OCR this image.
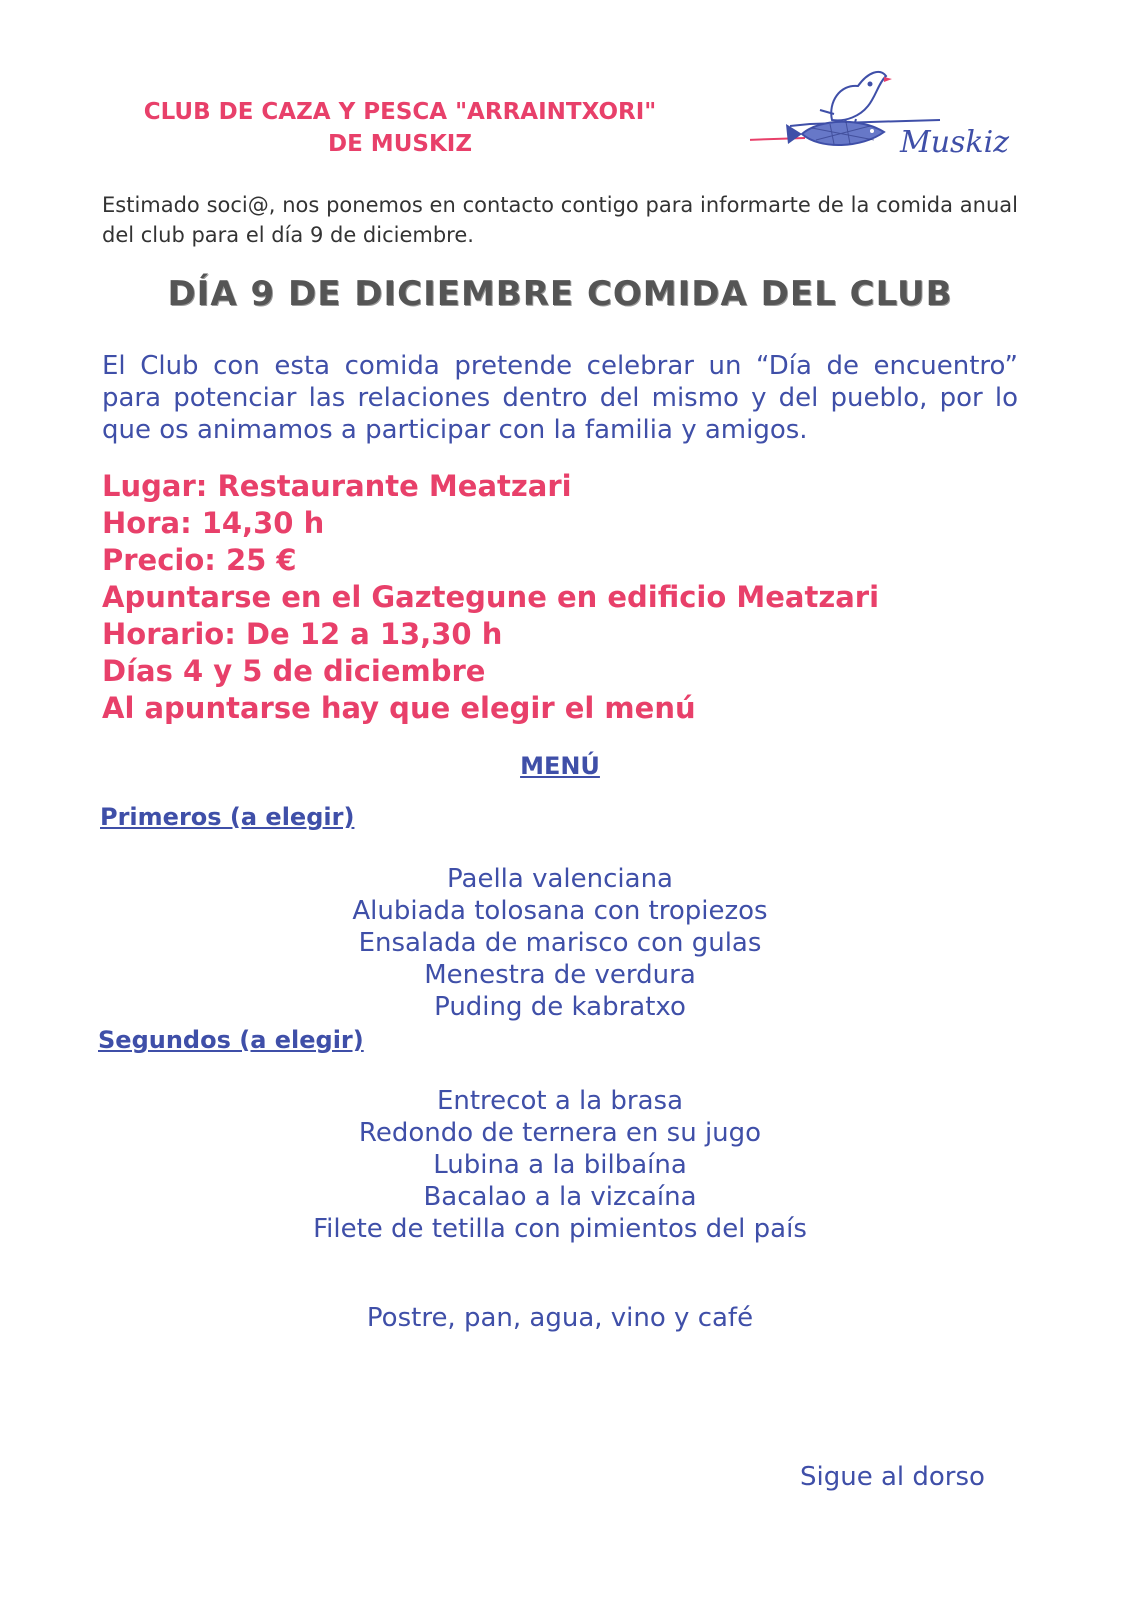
CLUB DE CAZA Y PESCA "ARRAINTXORI"
DE MUSKIZ	Muskiz

Estimado soci@, nos ponemos en contacto contigo para informarte de la comida anual del club para el día 9 de diciembre.

DÍA 9 DE DICIEMBRE COMIDA DEL CLUB

El Club con esta comida pretende celebrar un “Día de encuentro” para potenciar las relaciones dentro del mismo y del pueblo, por lo que os animamos a participar con la familia y amigos.

Lugar: Restaurante Meatzari
Hora: 14,30 h
Precio: 25 €
Apuntarse en el Gaztegune en edificio Meatzari
Horario: De 12 a 13,30 h
Días 4 y 5 de diciembre
Al apuntarse hay que elegir el menú
MENÚ
Primeros (a elegir)
Paella valenciana
Alubiada tolosana con tropiezos
Ensalada de marisco con gulas
Menestra de verdura
Puding de kabratxo
Segundos (a elegir)
Entrecot a la brasa
Redondo de ternera en su jugo
Lubina a la bilbaína
Bacalao a la vizcaína
Filete de tetilla con pimientos del país

Postre, pan, agua, vino y café

Sigue al dorso
